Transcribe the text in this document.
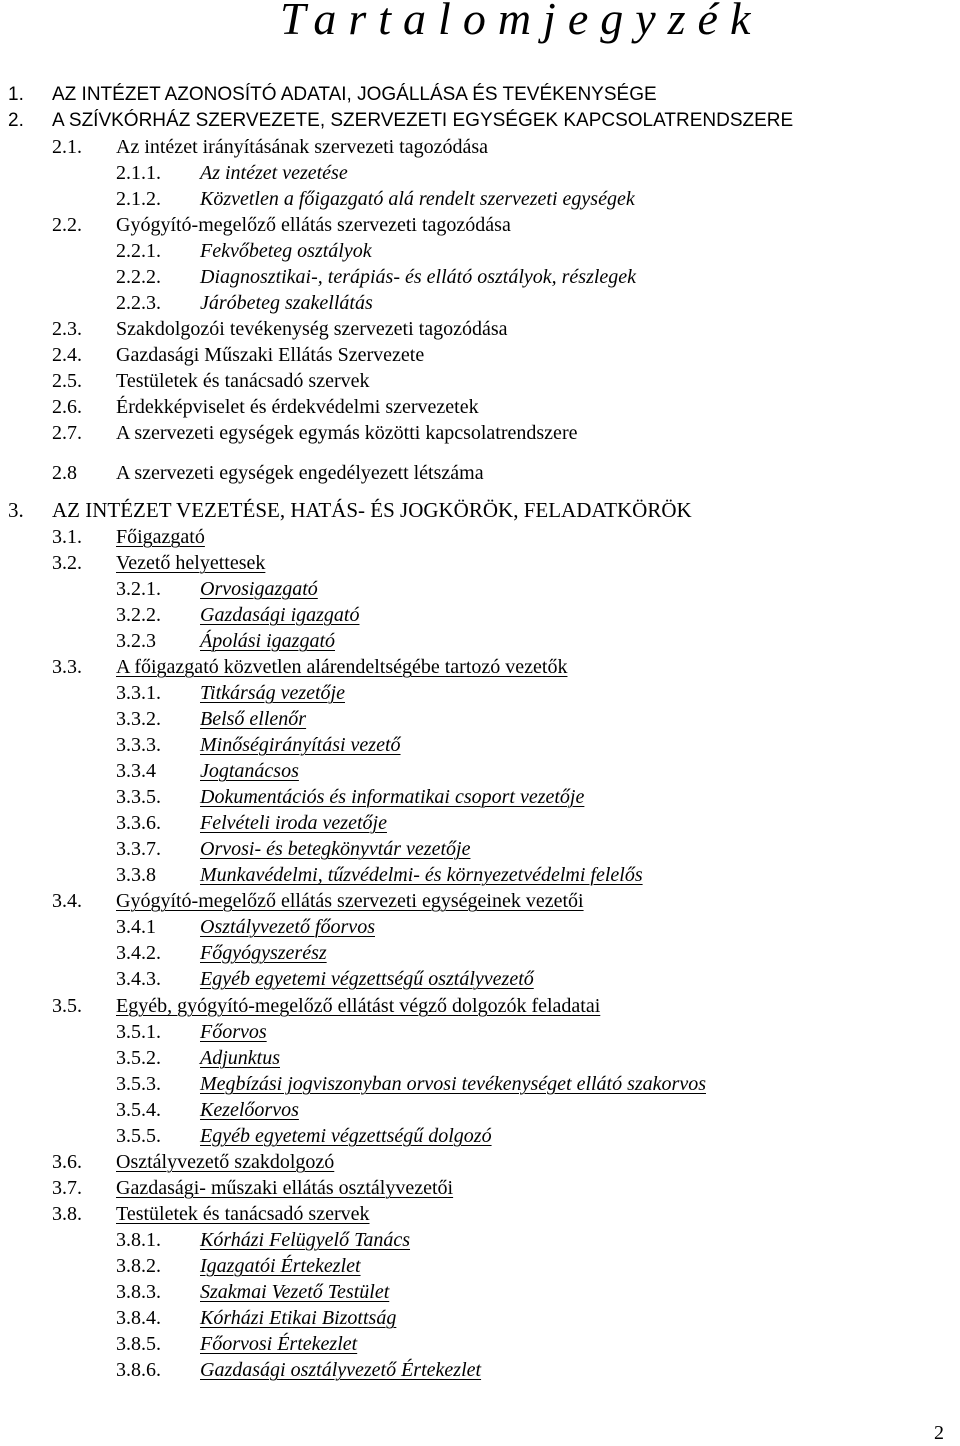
Tartalomjegyzék
1. AZ INTÉZET AZONOSÍTÓ ADATAI, JOGÁLLÁSA ÉS TEVÉKENYSÉGE
2. A SZÍVKÓRHÁZ SZERVEZETE, SZERVEZETI EGYSÉGEK KAPCSOLATRENDSZERE
2.1. Az intézet irányításának szervezeti tagozódása
2.1.1. Az intézet vezetése
2.1.2. Közvetlen a főigazgató alá rendelt szervezeti egységek
2.2. Gyógyító-megelőző ellátás szervezeti tagozódása
2.2.1. Fekvőbeteg osztályok
2.2.2. Diagnosztikai-, terápiás- és ellátó osztályok, részlegek
2.2.3. Járóbeteg szakellátás
2.3. Szakdolgozói tevékenység szervezeti tagozódása
2.4. Gazdasági Műszaki Ellátás Szervezete
2.5. Testületek és tanácsadó szervek
2.6. Érdekképviselet és érdekvédelmi szervezetek
2.7. A szervezeti egységek egymás közötti kapcsolatrendszere
2.8 A szervezeti egységek engedélyezett létszáma
3. AZ INTÉZET VEZETÉSE, HATÁS- ÉS JOGKÖRÖK, FELADATKÖRÖK
3.1. Főigazgató
3.2. Vezető helyettesek
3.2.1. Orvosigazgató
3.2.2. Gazdasági igazgató
3.2.3 Ápolási igazgató
3.3. A főigazgató közvetlen alárendeltségébe tartozó vezetők
3.3.1. Titkárság vezetője
3.3.2. Belső ellenőr
3.3.3. Minőségirányítási vezető
3.3.4 Jogtanácsos
3.3.5. Dokumentációs és informatikai csoport vezetője
3.3.6. Felvételi iroda vezetője
3.3.7. Orvosi- és betegkönyvtár vezetője
3.3.8 Munkavédelmi, tűzvédelmi- és környezetvédelmi felelős
3.4. Gyógyító-megelőző ellátás szervezeti egységeinek vezetői
3.4.1 Osztályvezető főorvos
3.4.2. Főgyógyszerész
3.4.3. Egyéb egyetemi végzettségű osztályvezető
3.5. Egyéb, gyógyító-megelőző ellátást végző dolgozók feladatai
3.5.1. Főorvos
3.5.2. Adjunktus
3.5.3. Megbízási jogviszonyban orvosi tevékenységet ellátó szakorvos
3.5.4. Kezelőorvos
3.5.5. Egyéb egyetemi végzettségű dolgozó
3.6. Osztályvezető szakdolgozó
3.7. Gazdasági- műszaki ellátás osztályvezetői
3.8. Testületek és tanácsadó szervek
3.8.1. Kórházi Felügyelő Tanács
3.8.2. Igazgatói Értekezlet
3.8.3. Szakmai Vezető Testület
3.8.4. Kórházi Etikai Bizottság
3.8.5. Főorvosi Értekezlet
3.8.6. Gazdasági osztályvezető Értekezlet
2
